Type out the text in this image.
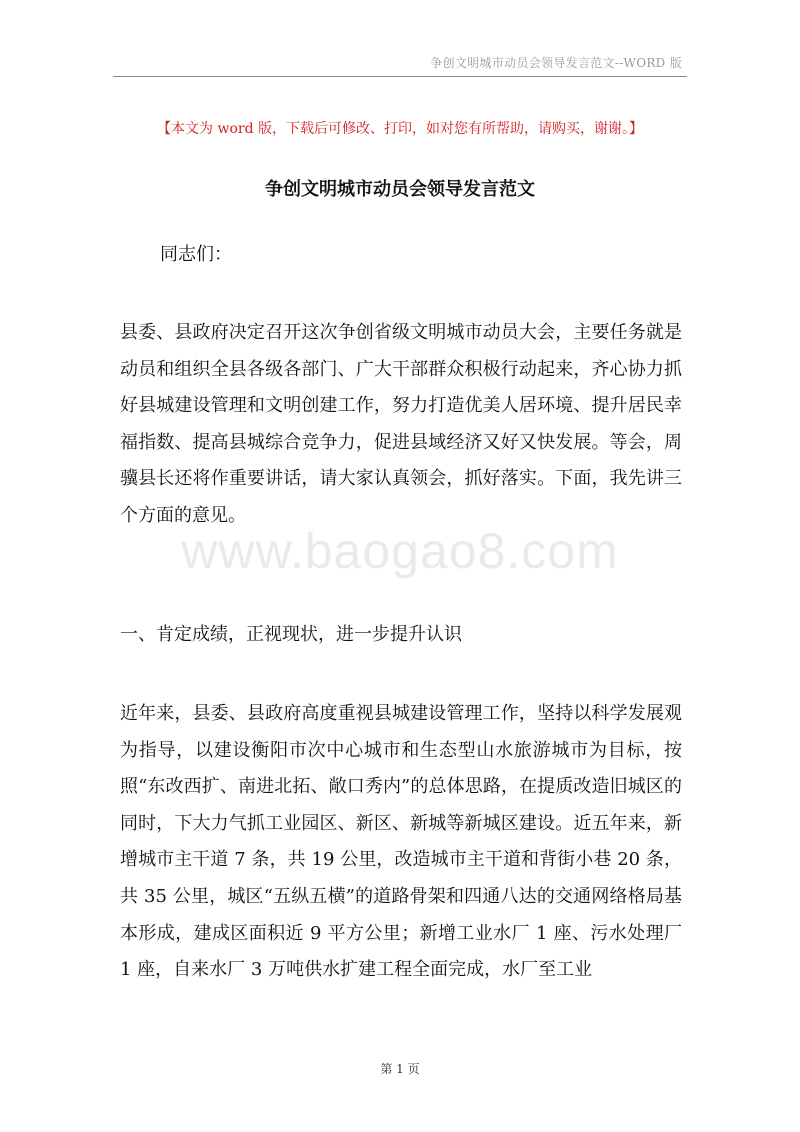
争创文明城市动员会领导发言范文--WORD 版
【本文为 word 版，下载后可修改、打印，如对您有所帮助，请购买，谢谢。】
争创文明城市动员会领导发言范文
同志们：

县委、县政府决定召开这次争创省级文明城市动员大会，主要任务就是动员和组织全县各级各部门、广大干部群众积极行动起来，齐心协力抓好县城建设管理和文明创建工作，努力打造优美人居环境、提升居民幸福指数、提高县城综合竞争力，促进县域经济又好又快发展。等会，周骥县长还将作重要讲话，请大家认真领会，抓好落实。下面，我先讲三个方面的意见。

www.baogao8.com
一、肯定成绩，正视现状，进一步提升认识

近年来，县委、县政府高度重视县城建设管理工作，坚持以科学发展观为指导，以建设衡阳市次中心城市和生态型山水旅游城市为目标，按照“东改西扩、南进北拓、敞口秀内”的总体思路，在提质改造旧城区的同时，下大力气抓工业园区、新区、新城等新城区建设。近五年来，新增城市主干道 7 条，共 19 公里，改造城市主干道和背街小巷 20 条，共 35 公里，城区“五纵五横”的道路骨架和四通八达的交通网络格局基本形成，建成区面积近 9 平方公里；新增工业水厂 1 座、污水处理厂 1 座，自来水厂 3 万吨供水扩建工程全面完成，水厂至工业

第 1 页
